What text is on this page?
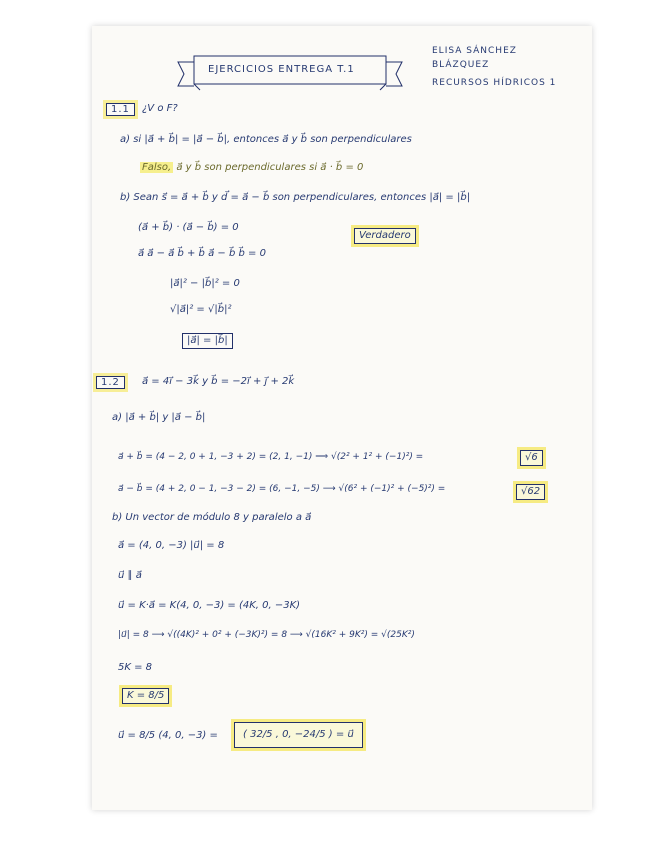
EJERCICIOS ENTREGA T.1
ELISA SÁNCHEZ
BLÁZQUEZ
RECURSOS HÍDRICOS 1
1.1	¿V o F?
a) si |a⃗ + b⃗| = |a⃗ − b⃗|, entonces a⃗ y b⃗ son perpendiculares
Falso, a⃗ y b⃗ son perpendiculares si a⃗ · b⃗ = 0
b) Sean s⃗ = a⃗ + b⃗ y d⃗ = a⃗ − b⃗ son perpendiculares, entonces |a⃗| = |b⃗|
Verdadero
(a⃗ + b⃗) · (a⃗ − b⃗) = 0
a⃗ a⃗ − a⃗ b⃗ + b⃗ a⃗ − b⃗ b⃗ = 0
|a⃗|² − |b⃗|² = 0
√|a⃗|² = √|b⃗|²
|a⃗| = |b⃗|
1.2	a⃗ = 4i⃗ − 3k⃗ y b⃗ = −2i⃗ + j⃗ + 2k⃗
a) |a⃗ + b⃗| y |a⃗ − b⃗|
a⃗ + b⃗ = (4 − 2, 0 + 1, −3 + 2) = (2, 1, −1) ⟹ √(2² + 1² + (−1)²) =	√6
a⃗ − b⃗ = (4 + 2, 0 − 1, −3 − 2) = (6, −1, −5) ⟶ √(6² + (−1)² + (−5)²) =	√62
b) Un vector de módulo 8 y paralelo a a⃗
a⃗ = (4, 0, −3) |u⃗| = 8
u⃗ ∥ a⃗
u⃗ = K·a⃗ = K(4, 0, −3) = (4K, 0, −3K)
|u⃗| = 8 ⟶ √((4K)² + 0² + (−3K)²) = 8 ⟶ √(16K² + 9K²) = √(25K²)
5K = 8
K = 8/5
u⃗ = 8/5 (4, 0, −3) =	( 32/5 , 0, −24/5 ) = u⃗
